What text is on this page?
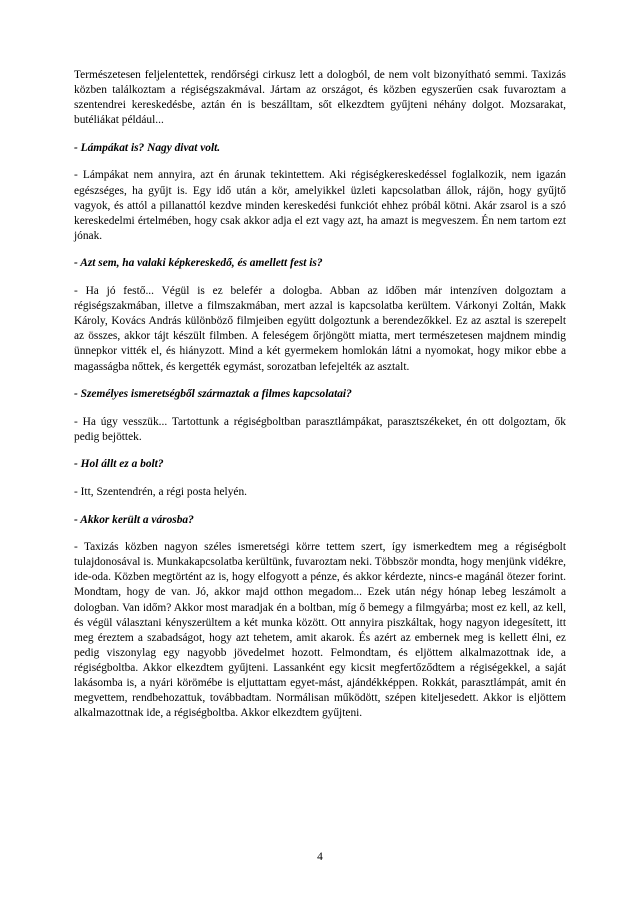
Természetesen feljelentettek, rendőrségi cirkusz lett a dologból, de nem volt bizonyítható semmi. Taxizás közben találkoztam a régiségszakmával. Jártam az országot, és közben egyszerűen csak fuvaroztam a szentendrei kereskedésbe, aztán én is beszálltam, sőt elkezdtem gyűjteni néhány dolgot. Mozsarakat, butéliákat például...

- Lámpákat is? Nagy divat volt.

- Lámpákat nem annyira, azt én árunak tekintettem. Aki régiségkereskedéssel foglalkozik, nem igazán egészséges, ha gyűjt is. Egy idő után a kör, amelyikkel üzleti kapcsolatban állok, rájön, hogy gyűjtő vagyok, és attól a pillanattól kezdve minden kereskedési funkciót ehhez próbál kötni. Akár zsarol is a szó kereskedelmi értelmében, hogy csak akkor adja el ezt vagy azt, ha amazt is megveszem. Én nem tartom ezt jónak.

- Azt sem, ha valaki képkereskedő, és amellett fest is?

- Ha jó festő... Végül is ez belefér a dologba. Abban az időben már intenzíven dolgoztam a régiségszakmában, illetve a filmszakmában, mert azzal is kapcsolatba kerültem. Várkonyi Zoltán, Makk Károly, Kovács András különböző filmjeiben együtt dolgoztunk a berendezőkkel. Ez az asztal is szerepelt az összes, akkor tájt készült filmben. A feleségem őrjöngött miatta, mert természetesen majdnem mindig ünnepkor vitték el, és hiányzott. Mind a két gyermekem homlokán látni a nyomokat, hogy mikor ebbe a magasságba nőttek, és kergették egymást, sorozatban lefejelték az asztalt.

- Személyes ismeretségből származtak a filmes kapcsolatai?

- Ha úgy vesszük... Tartottunk a régiségboltban parasztlámpákat, parasztszékeket, én ott dolgoztam, ők pedig bejöttek.

- Hol állt ez a bolt?

- Itt, Szentendrén, a régi posta helyén.

- Akkor került a városba?

- Taxizás közben nagyon széles ismeretségi körre tettem szert, így ismerkedtem meg a régiségbolt tulajdonosával is. Munkakapcsolatba kerültünk, fuvaroztam neki. Többször mondta, hogy menjünk vidékre, ide-oda. Közben megtörtént az is, hogy elfogyott a pénze, és akkor kérdezte, nincs-e magánál ötezer forint. Mondtam, hogy de van. Jó, akkor majd otthon megadom... Ezek után négy hónap lebeg leszámolt a dologban. Van időm? Akkor most maradjak én a boltban, míg ő bemegy a filmgyárba; most ez kell, az kell, és végül választani kényszerültem a két munka között. Ott annyira piszkáltak, hogy nagyon idegesített, itt meg éreztem a szabadságot, hogy azt tehetem, amit akarok. És azért az embernek meg is kellett élni, ez pedig viszonylag egy nagyobb jövedelmet hozott. Felmondtam, és eljöttem alkalmazottnak ide, a régiségboltba. Akkor elkezdtem gyűjteni. Lassanként egy kicsit megfertőződtem a régiségekkel, a saját lakásomba is, a nyári körömébe is eljuttattam egyet-mást, ajándékképpen. Rokkát, parasztlámpát, amit én megvettem, rendbehozattuk, továbbadtam. Normálisan működött, szépen kiteljesedett. Akkor is eljöttem alkalmazottnak ide, a régiségboltba. Akkor elkezdtem gyűjteni.

4
